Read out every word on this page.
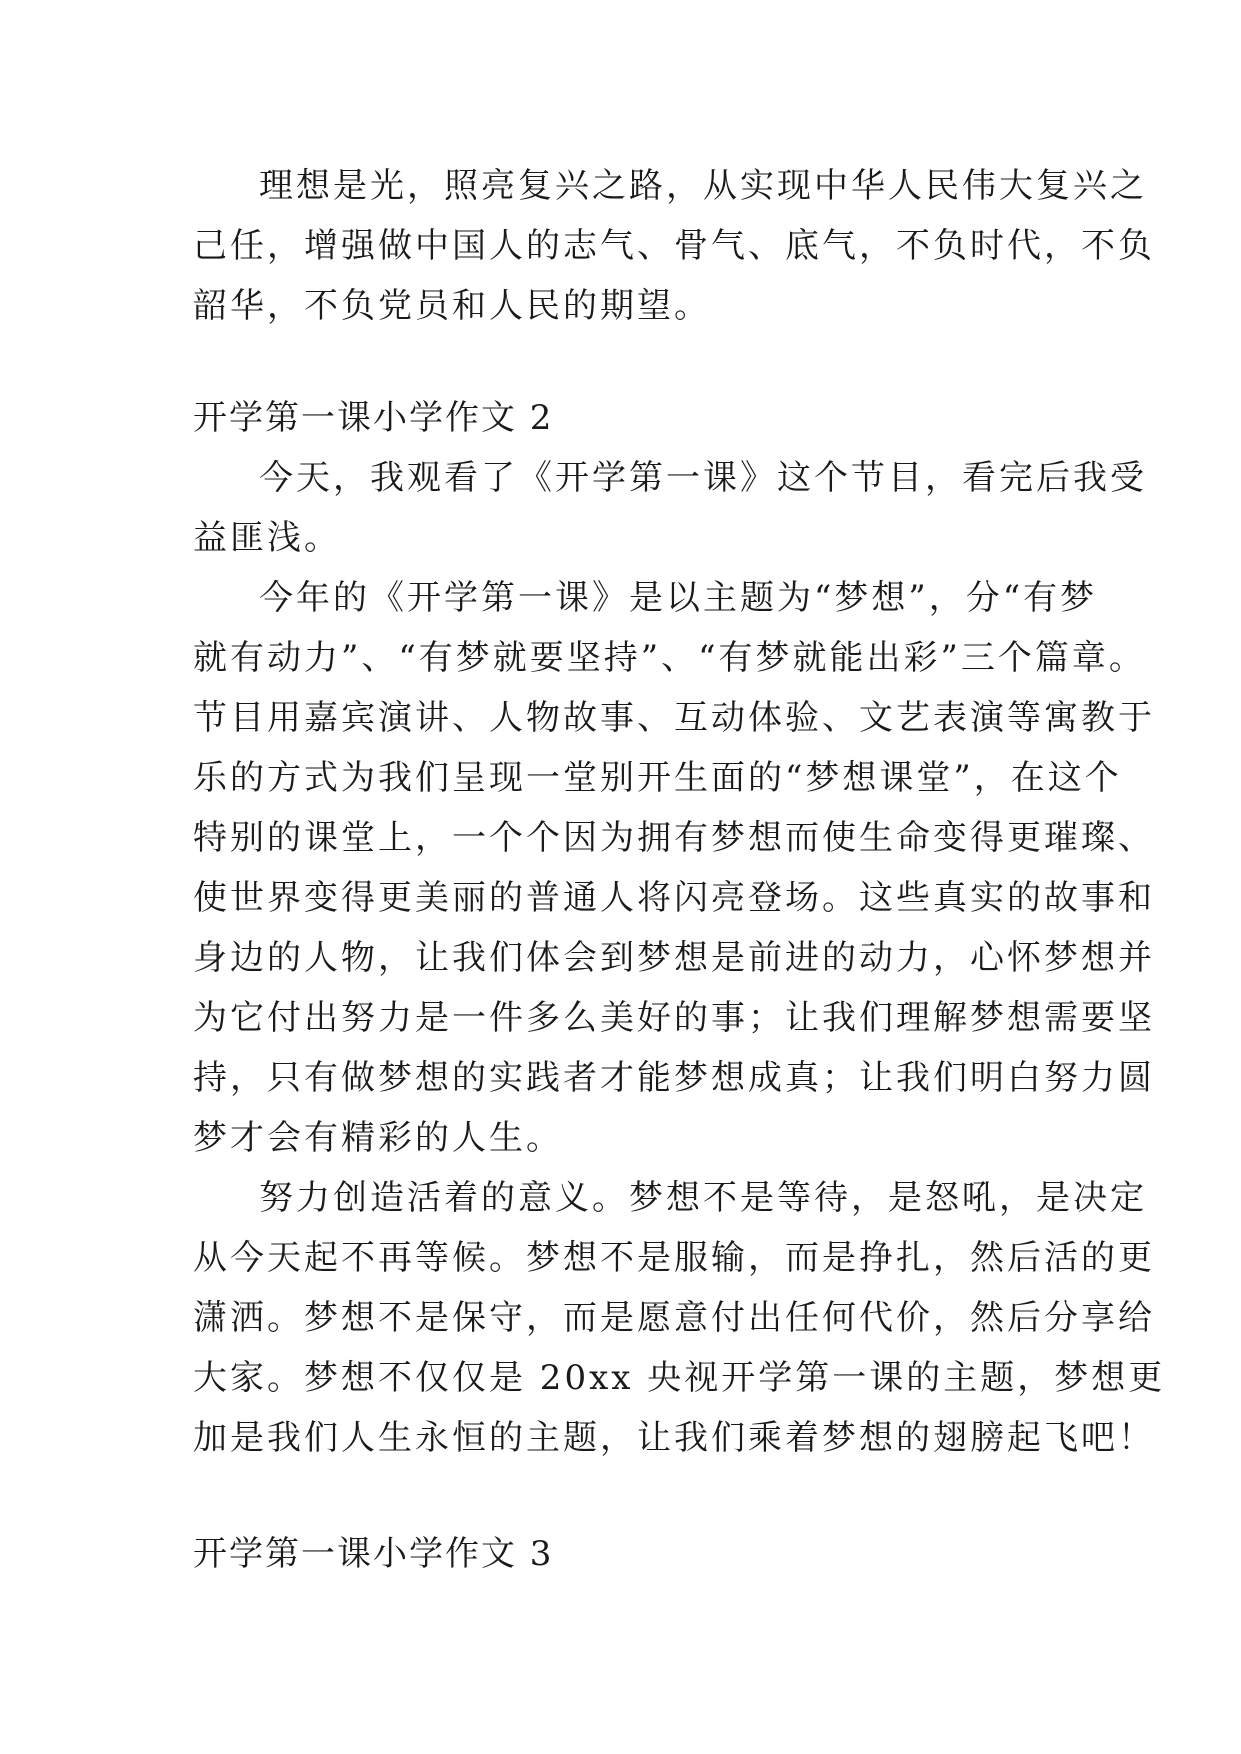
理想是光，照亮复兴之路，从实现中华人民伟大复兴之
己任，增强做中国人的志气、骨气、底气，不负时代，不负
韶华，不负党员和人民的期望。
开学第一课小学作文 2
今天，我观看了《开学第一课》这个节目，看完后我受
益匪浅。
今年的《开学第一课》是以主题为“梦想”，分“有梦
就有动力”、“有梦就要坚持”、“有梦就能出彩”三个篇章。
节目用嘉宾演讲、人物故事、互动体验、文艺表演等寓教于
乐的方式为我们呈现一堂别开生面的“梦想课堂”，在这个
特别的课堂上，一个个因为拥有梦想而使生命变得更璀璨、
使世界变得更美丽的普通人将闪亮登场。这些真实的故事和
身边的人物，让我们体会到梦想是前进的动力，心怀梦想并
为它付出努力是一件多么美好的事；让我们理解梦想需要坚
持，只有做梦想的实践者才能梦想成真；让我们明白努力圆
梦才会有精彩的人生。
努力创造活着的意义。梦想不是等待，是怒吼，是决定
从今天起不再等候。梦想不是服输，而是挣扎，然后活的更
潇洒。梦想不是保守，而是愿意付出任何代价，然后分享给
大家。梦想不仅仅是 20xx 央视开学第一课的主题，梦想更
加是我们人生永恒的主题，让我们乘着梦想的翅膀起飞吧！
开学第一课小学作文 3
